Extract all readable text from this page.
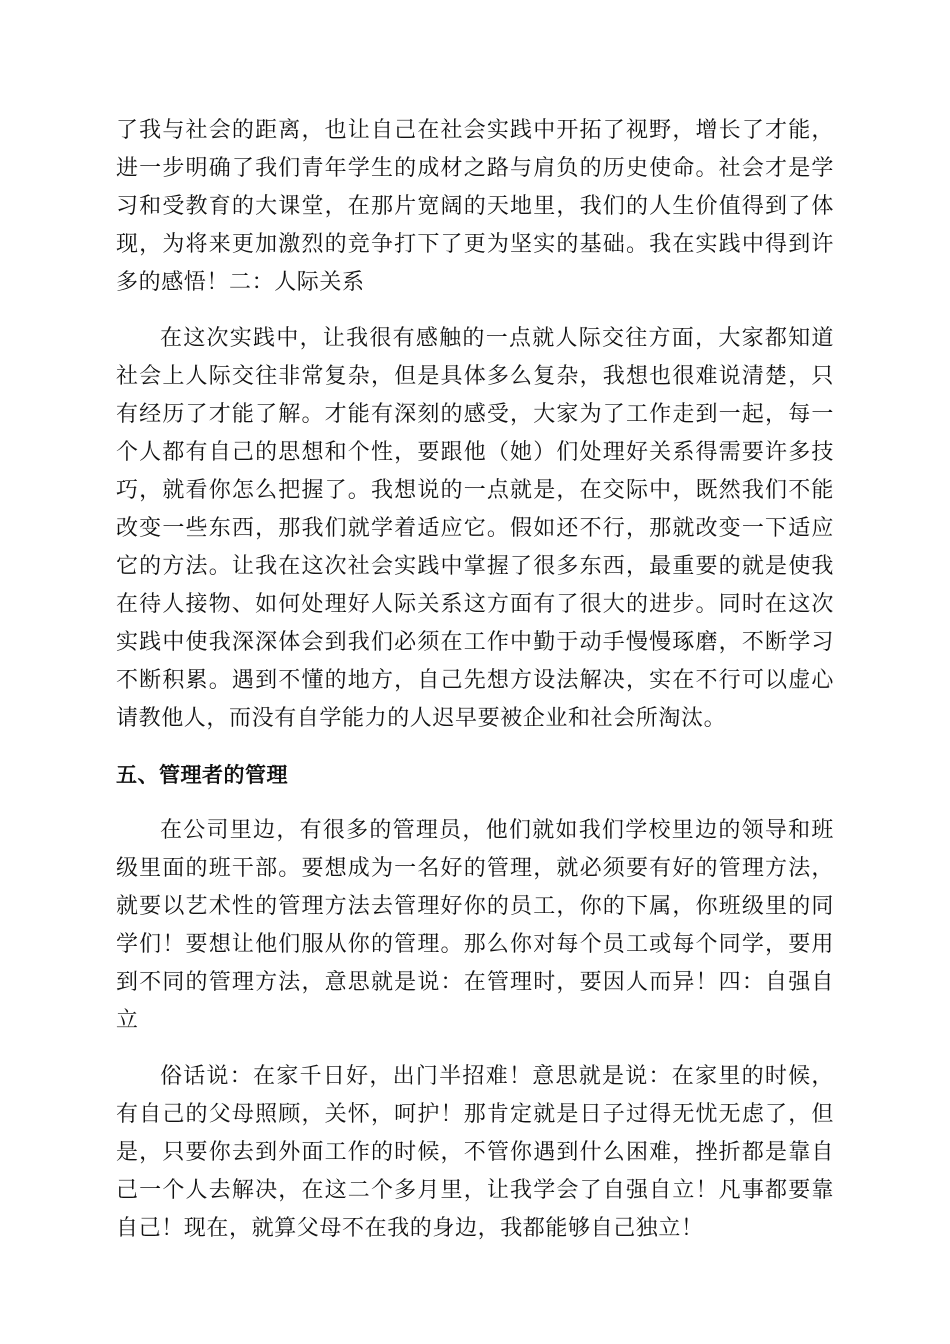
了我与社会的距离，也让自己在社会实践中开拓了视野，增长了才能，进一步明确了我们青年学生的成材之路与肩负的历史使命。社会才是学习和受教育的大课堂，在那片宽阔的天地里，我们的人生价值得到了体现，为将来更加激烈的竞争打下了更为坚实的基础。我在实践中得到许多的感悟！二：人际关系

在这次实践中，让我很有感触的一点就人际交往方面，大家都知道社会上人际交往非常复杂，但是具体多么复杂，我想也很难说清楚，只有经历了才能了解。才能有深刻的感受，大家为了工作走到一起，每一个人都有自己的思想和个性，要跟他（她）们处理好关系得需要许多技巧，就看你怎么把握了。我想说的一点就是，在交际中，既然我们不能改变一些东西，那我们就学着适应它。假如还不行，那就改变一下适应它的方法。让我在这次社会实践中掌握了很多东西，最重要的就是使我在待人接物、如何处理好人际关系这方面有了很大的进步。同时在这次实践中使我深深体会到我们必须在工作中勤于动手慢慢琢磨，不断学习不断积累。遇到不懂的地方，自己先想方设法解决，实在不行可以虚心请教他人，而没有自学能力的人迟早要被企业和社会所淘汰。

五、管理者的管理

在公司里边，有很多的管理员，他们就如我们学校里边的领导和班级里面的班干部。要想成为一名好的管理，就必须要有好的管理方法，就要以艺术性的管理方法去管理好你的员工，你的下属，你班级里的同学们！要想让他们服从你的管理。那么你对每个员工或每个同学，要用到不同的管理方法，意思就是说：在管理时，要因人而异！四：自强自立

俗话说：在家千日好，出门半招难！意思就是说：在家里的时候，有自己的父母照顾，关怀，呵护！那肯定就是日子过得无忧无虑了，但是，只要你去到外面工作的时候，不管你遇到什么困难，挫折都是靠自己一个人去解决，在这二个多月里，让我学会了自强自立！凡事都要靠自己！现在，就算父母不在我的身边，我都能够自己独立！
